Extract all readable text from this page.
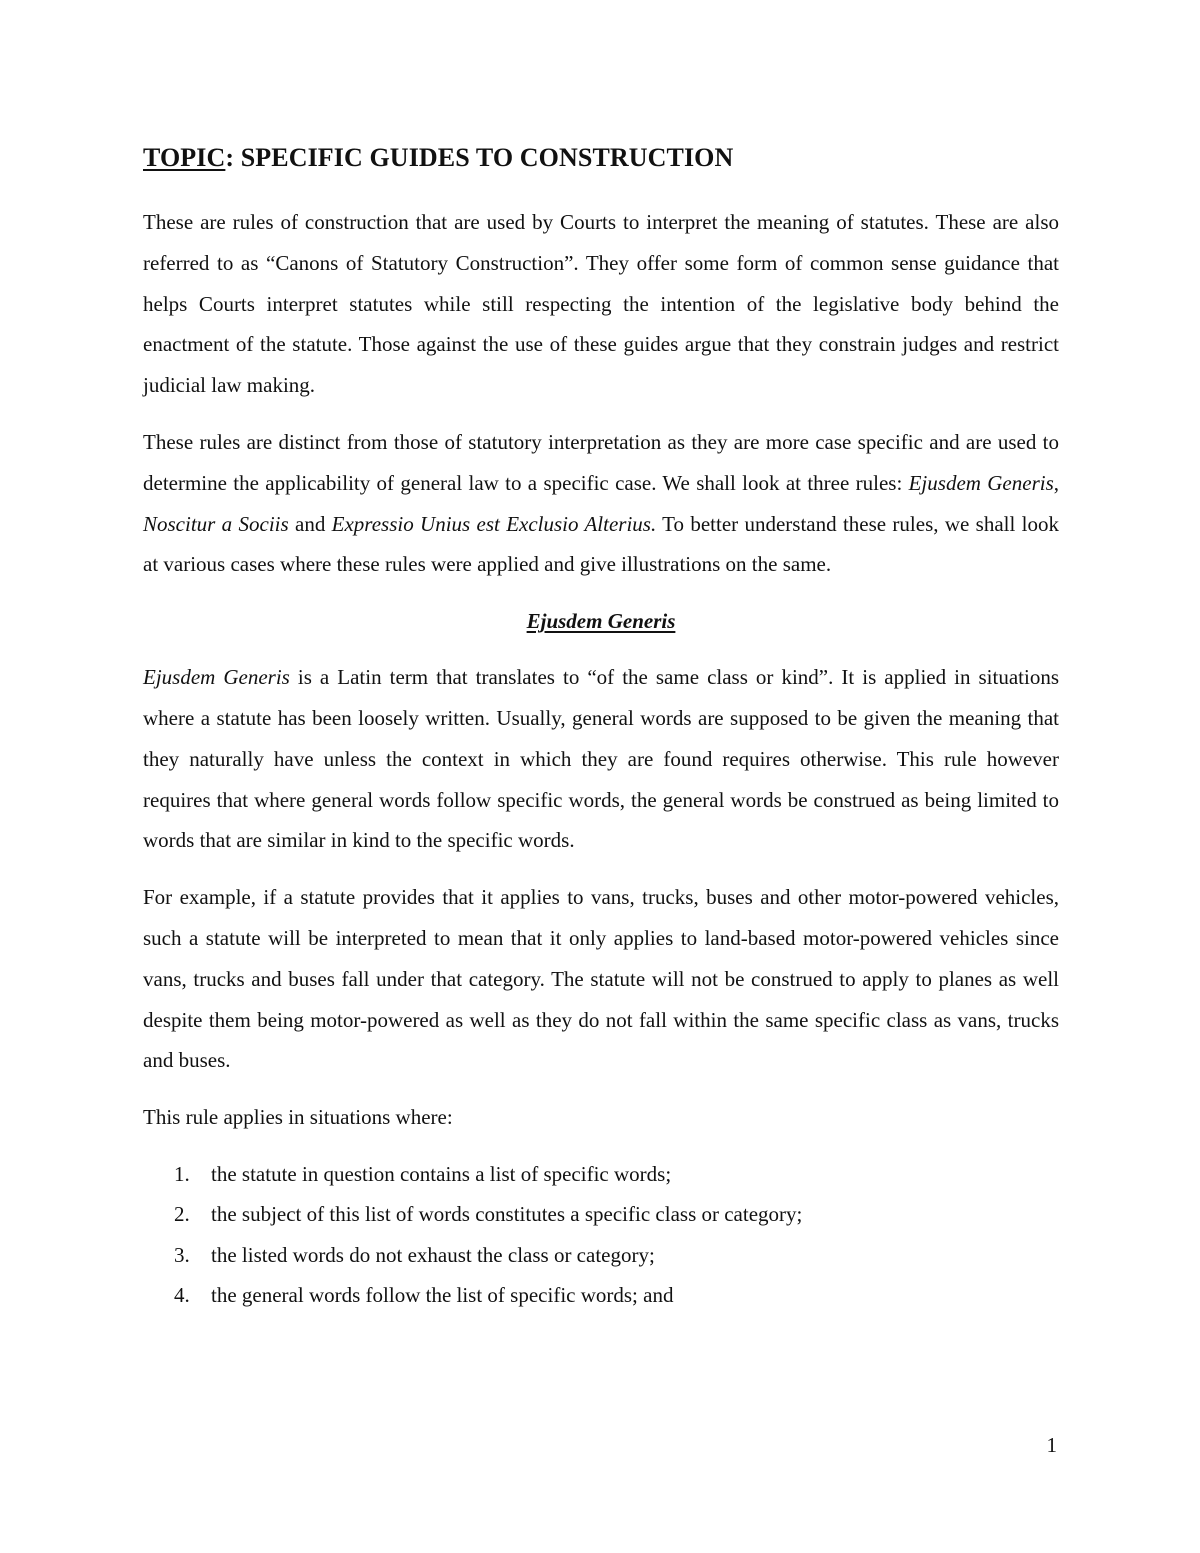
TOPIC: SPECIFIC GUIDES TO CONSTRUCTION

These are rules of construction that are used by Courts to interpret the meaning of statutes. These are also referred to as “Canons of Statutory Construction”. They offer some form of common sense guidance that helps Courts interpret statutes while still respecting the intention of the legislative body behind the enactment of the statute. Those against the use of these guides argue that they constrain judges and restrict judicial law making.

These rules are distinct from those of statutory interpretation as they are more case specific and are used to determine the applicability of general law to a specific case. We shall look at three rules: Ejusdem Generis, Noscitur a Sociis and Expressio Unius est Exclusio Alterius. To better understand these rules, we shall look at various cases where these rules were applied and give illustrations on the same.

Ejusdem Generis

Ejusdem Generis is a Latin term that translates to “of the same class or kind”. It is applied in situations where a statute has been loosely written. Usually, general words are supposed to be given the meaning that they naturally have unless the context in which they are found requires otherwise. This rule however requires that where general words follow specific words, the general words be construed as being limited to words that are similar in kind to the specific words.

For example, if a statute provides that it applies to vans, trucks, buses and other motor-powered vehicles, such a statute will be interpreted to mean that it only applies to land-based motor-powered vehicles since vans, trucks and buses fall under that category. The statute will not be construed to apply to planes as well despite them being motor-powered as well as they do not fall within the same specific class as vans, trucks and buses.

This rule applies in situations where:

1.	the statute in question contains a list of specific words;
2.	the subject of this list of words constitutes a specific class or category;
3.	the listed words do not exhaust the class or category;
4.	the general words follow the list of specific words; and
1
